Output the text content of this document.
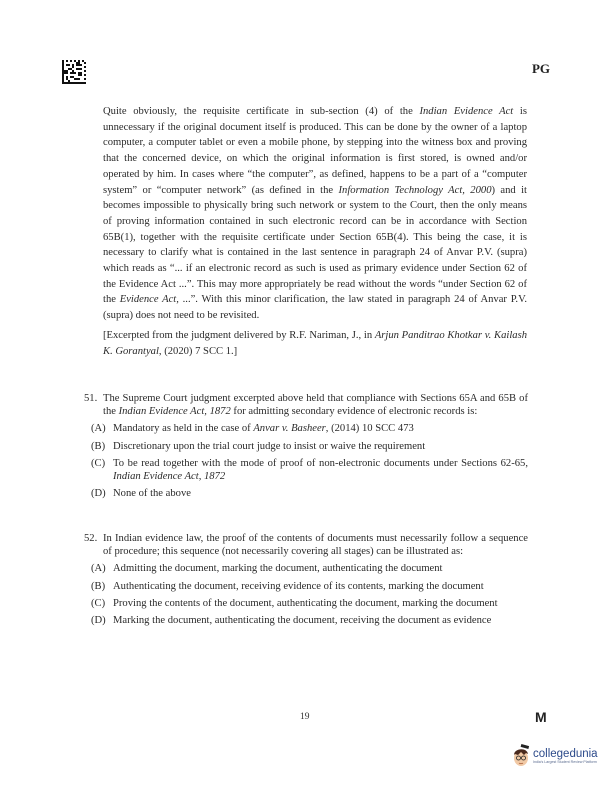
PG

Quite obviously, the requisite certificate in sub-section (4) of the Indian Evidence Act is unnecessary if the original document itself is produced. This can be done by the owner of a laptop computer, a computer tablet or even a mobile phone, by stepping into the witness box and proving that the concerned device, on which the original information is first stored, is owned and/or operated by him. In cases where “the computer”, as defined, happens to be a part of a “computer system” or “computer network” (as defined in the Information Technology Act, 2000) and it becomes impossible to physically bring such network or system to the Court, then the only means of proving information contained in such electronic record can be in accordance with Section 65B(1), together with the requisite certificate under Section 65B(4). This being the case, it is necessary to clarify what is contained in the last sentence in paragraph 24 of Anvar P.V. (supra) which reads as “... if an electronic record as such is used as primary evidence under Section 62 of the Evidence Act ...”. This may more appropriately be read without the words “under Section 62 of the Evidence Act, ...”. With this minor clarification, the law stated in paragraph 24 of Anvar P.V. (supra) does not need to be revisited.

[Excerpted from the judgment delivered by R.F. Nariman, J., in Arjun Panditrao Khotkar v. Kailash K. Gorantyal, (2020) 7 SCC 1.]

51. The Supreme Court judgment excerpted above held that compliance with Sections 65A and 65B of the Indian Evidence Act, 1872 for admitting secondary evidence of electronic records is:
(A) Mandatory as held in the case of Anvar v. Basheer, (2014) 10 SCC 473
(B) Discretionary upon the trial court judge to insist or waive the requirement
(C) To be read together with the mode of proof of non-electronic documents under Sections 62-65, Indian Evidence Act, 1872
(D) None of the above
52. In Indian evidence law, the proof of the contents of documents must necessarily follow a sequence of procedure; this sequence (not necessarily covering all stages) can be illustrated as:
(A) Admitting the document, marking the document, authenticating the document
(B) Authenticating the document, receiving evidence of its contents, marking the document
(C) Proving the contents of the document, authenticating the document, marking the document
(D) Marking the document, authenticating the document, receiving the document as evidence
19	M
collegedunia
India's Largest Student Review Platform
